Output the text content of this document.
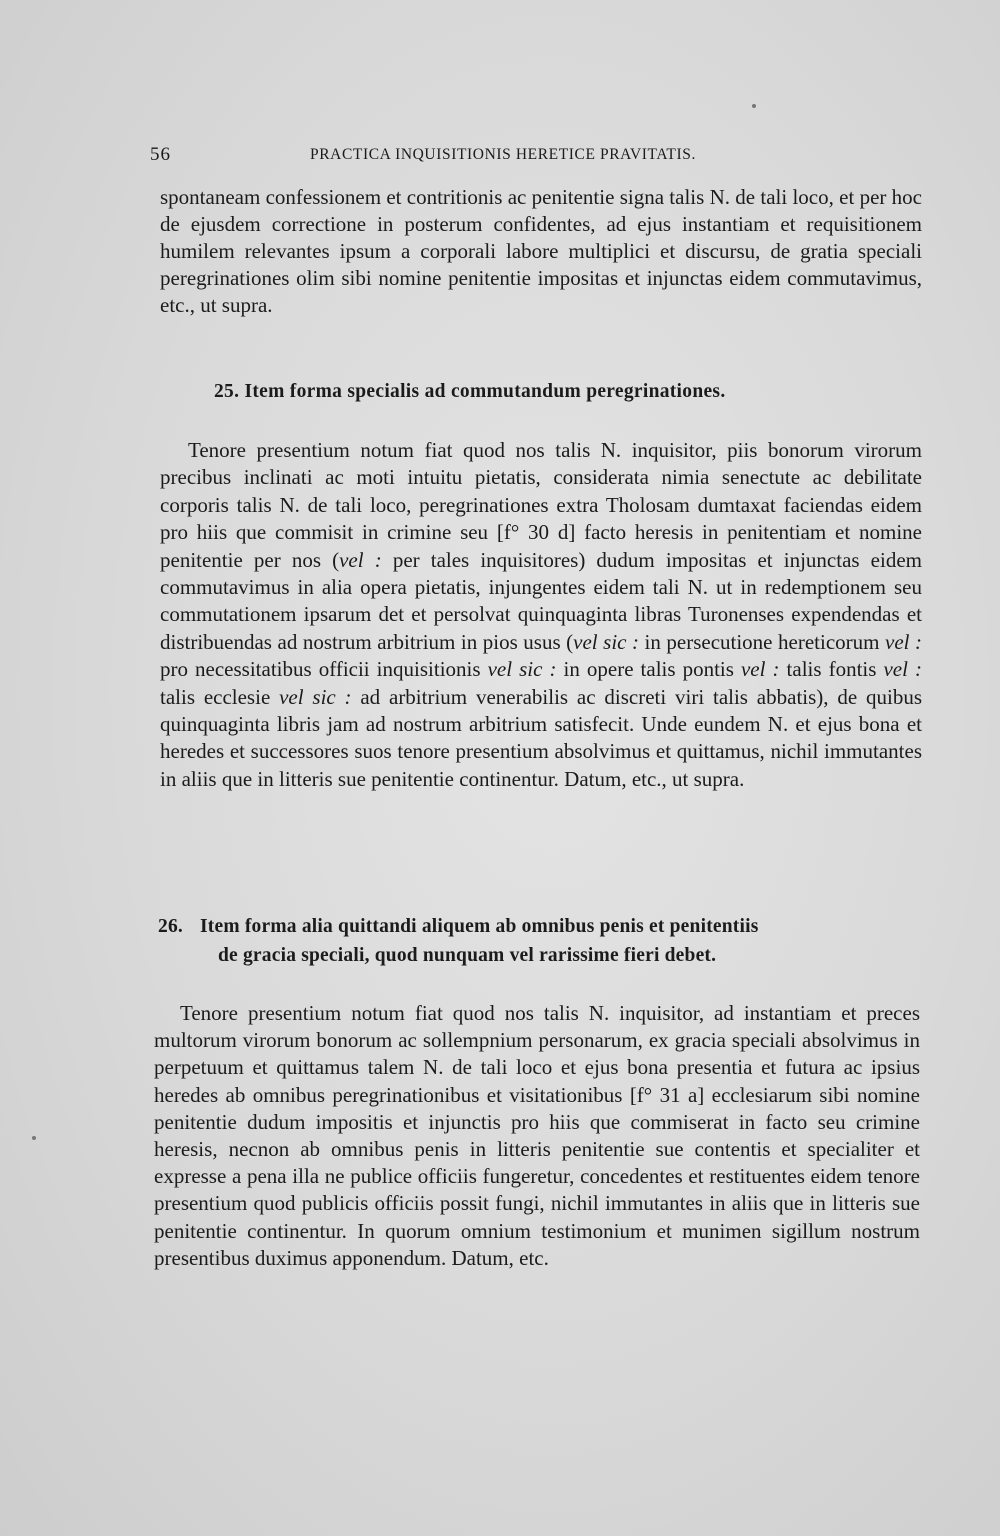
56	PRACTICA INQUISITIONIS HERETICE PRAVITATIS.

spontaneam confessionem et contritionis ac penitentie signa talis N. de tali loco, et per hoc de ejusdem correctione in posterum confidentes, ad ejus instantiam et requisitionem humilem relevantes ipsum a corporali labore multiplici et discursu, de gratia speciali peregrinationes olim sibi nomine penitentie impositas et injunctas eidem commutavimus, etc., ut supra.

25. Item forma specialis ad commutandum peregrinationes.

Tenore presentium notum fiat quod nos talis N. inquisitor, piis bonorum virorum precibus inclinati ac moti intuitu pietatis, considerata nimia senectute ac debilitate corporis talis N. de tali loco, peregrinationes extra Tholosam dumtaxat faciendas eidem pro hiis que commisit in crimine seu [f° 30 d] facto heresis in penitentiam et nomine penitentie per nos (vel : per tales inquisitores) dudum impositas et injunctas eidem commutavimus in alia opera pietatis, injungentes eidem tali N. ut in redemptionem seu commutationem ipsarum det et persolvat quinquaginta libras Turonenses expendendas et distribuendas ad nostrum arbitrium in pios usus (vel sic : in persecutione hereticorum vel : pro necessitatibus officii inquisitionis vel sic : in opere talis pontis vel : talis fontis vel : talis ecclesie vel sic : ad arbitrium venerabilis ac discreti viri talis abbatis), de quibus quinquaginta libris jam ad nostrum arbitrium satisfecit. Unde eundem N. et ejus bona et heredes et successores suos tenore presentium absolvimus et quittamus, nichil immutantes in aliis que in litteris sue penitentie continentur. Datum, etc., ut supra.

26. Item forma alia quittandi aliquem ab omnibus penis et penitentiis
de gracia speciali, quod nunquam vel rarissime fieri debet.

Tenore presentium notum fiat quod nos talis N. inquisitor, ad instantiam et preces multorum virorum bonorum ac sollempnium personarum, ex gracia speciali absolvimus in perpetuum et quittamus talem N. de tali loco et ejus bona presentia et futura ac ipsius heredes ab omnibus peregrinationibus et visitationibus [f° 31 a] ecclesiarum sibi nomine penitentie dudum impositis et injunctis pro hiis que commiserat in facto seu crimine heresis, necnon ab omnibus penis in litteris penitentie sue contentis et specialiter et expresse a pena illa ne publice officiis fungeretur, concedentes et restituentes eidem tenore presentium quod publicis officiis possit fungi, nichil immutantes in aliis que in litteris sue penitentie continentur. In quorum omnium testimonium et munimen sigillum nostrum presentibus duximus apponendum. Datum, etc.
